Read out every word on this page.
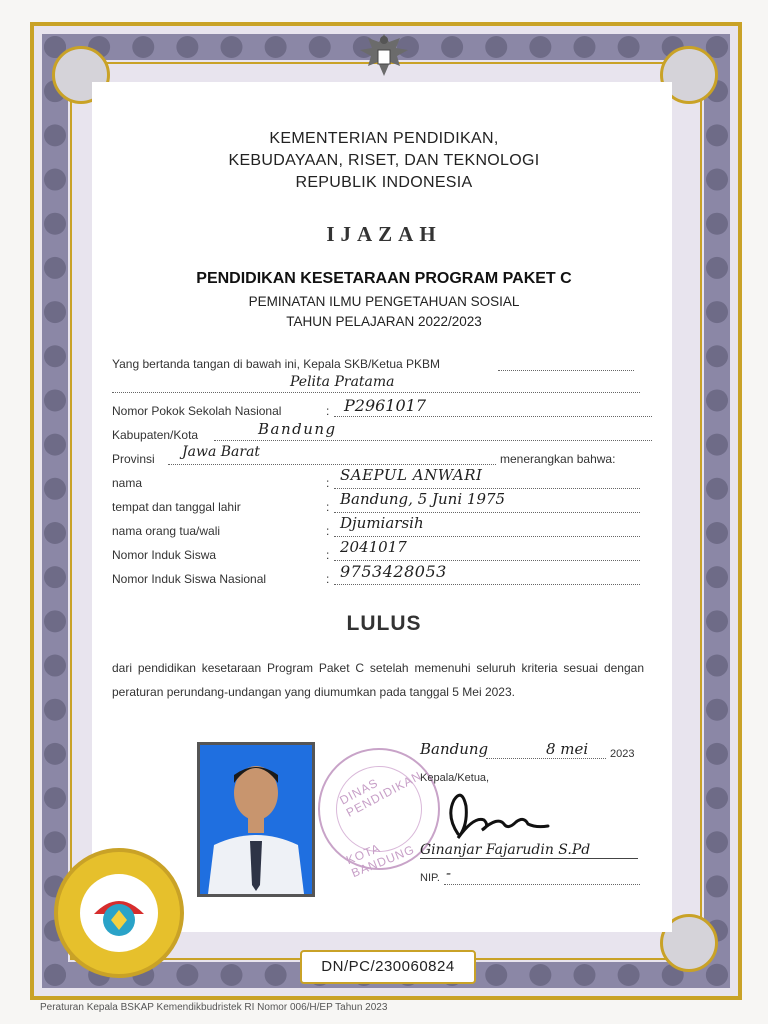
KEMENTERIAN PENDIDIKAN,
KEBUDAYAAN, RISET, DAN TEKNOLOGI
REPUBLIK INDONESIA
IJAZAH
PENDIDIKAN KESETARAAN PROGRAM PAKET C
PEMINATAN ILMU PENGETAHUAN SOSIAL
TAHUN PELAJARAN 2022/2023
Yang bertanda tangan di bawah ini, Kepala SKB/Ketua PKBM
Pelita Pratama
Nomor Pokok Sekolah Nasional	: P2961017
Kabupaten/Kota	Bandung
Provinsi Jawa Barat	menerangkan bahwa:
nama	: SAEPUL ANWARI
tempat dan tanggal lahir	: Bandung, 5 Juni 1975
nama orang tua/wali	: Djumiarsih
Nomor Induk Siswa	: 2041017
Nomor Induk Siswa Nasional	: 9753428053
LULUS
dari pendidikan kesetaraan Program Paket C setelah memenuhi seluruh kriteria sesuai dengan peraturan perundang-undangan yang diumumkan pada tanggal 5 Mei 2023.
DINAS PENDIDIKAN
KOTA BANDUNG
Bandung	8 mei 2023
Kepala/Ketua,
Ginanjar Fajarudin S.Pd
NIP. -
DN/PC/230060824
Peraturan Kepala BSKAP Kemendikbudristek RI Nomor 006/H/EP Tahun 2023
